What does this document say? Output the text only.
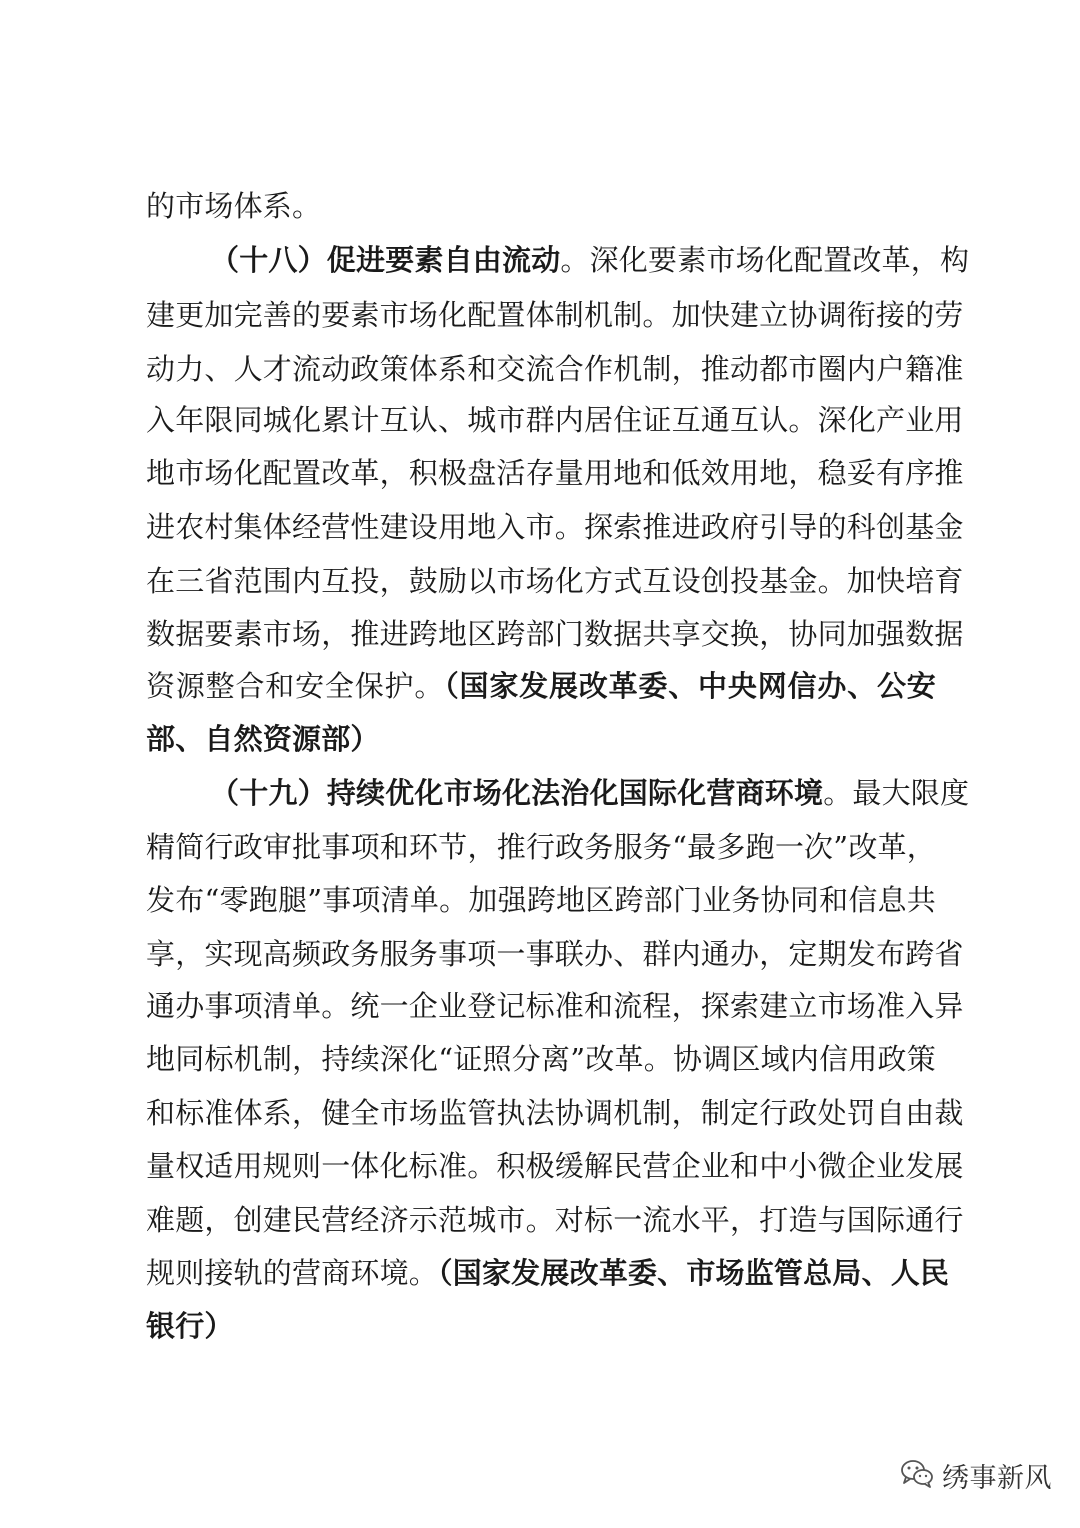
的市场体系。
（十八）促进要素自由流动。深化要素市场化配置改革，构
建更加完善的要素市场化配置体制机制。加快建立协调衔接的劳
动力、人才流动政策体系和交流合作机制，推动都市圈内户籍准
入年限同城化累计互认、城市群内居住证互通互认。深化产业用
地市场化配置改革，积极盘活存量用地和低效用地，稳妥有序推
进农村集体经营性建设用地入市。探索推进政府引导的科创基金
在三省范围内互投，鼓励以市场化方式互设创投基金。加快培育
数据要素市场，推进跨地区跨部门数据共享交换，协同加强数据
资源整合和安全保护。（国家发展改革委、中央网信办、公安
部、自然资源部）
（十九）持续优化市场化法治化国际化营商环境。最大限度
精简行政审批事项和环节，推行政务服务“最多跑一次”改革，
发布“零跑腿”事项清单。加强跨地区跨部门业务协同和信息共
享，实现高频政务服务事项一事联办、群内通办，定期发布跨省
通办事项清单。统一企业登记标准和流程，探索建立市场准入异
地同标机制，持续深化“证照分离”改革。协调区域内信用政策
和标准体系，健全市场监管执法协调机制，制定行政处罚自由裁
量权适用规则一体化标准。积极缓解民营企业和中小微企业发展
难题，创建民营经济示范城市。对标一流水平，打造与国际通行
规则接轨的营商环境。（国家发展改革委、市场监管总局、人民
银行）
绣事新风
